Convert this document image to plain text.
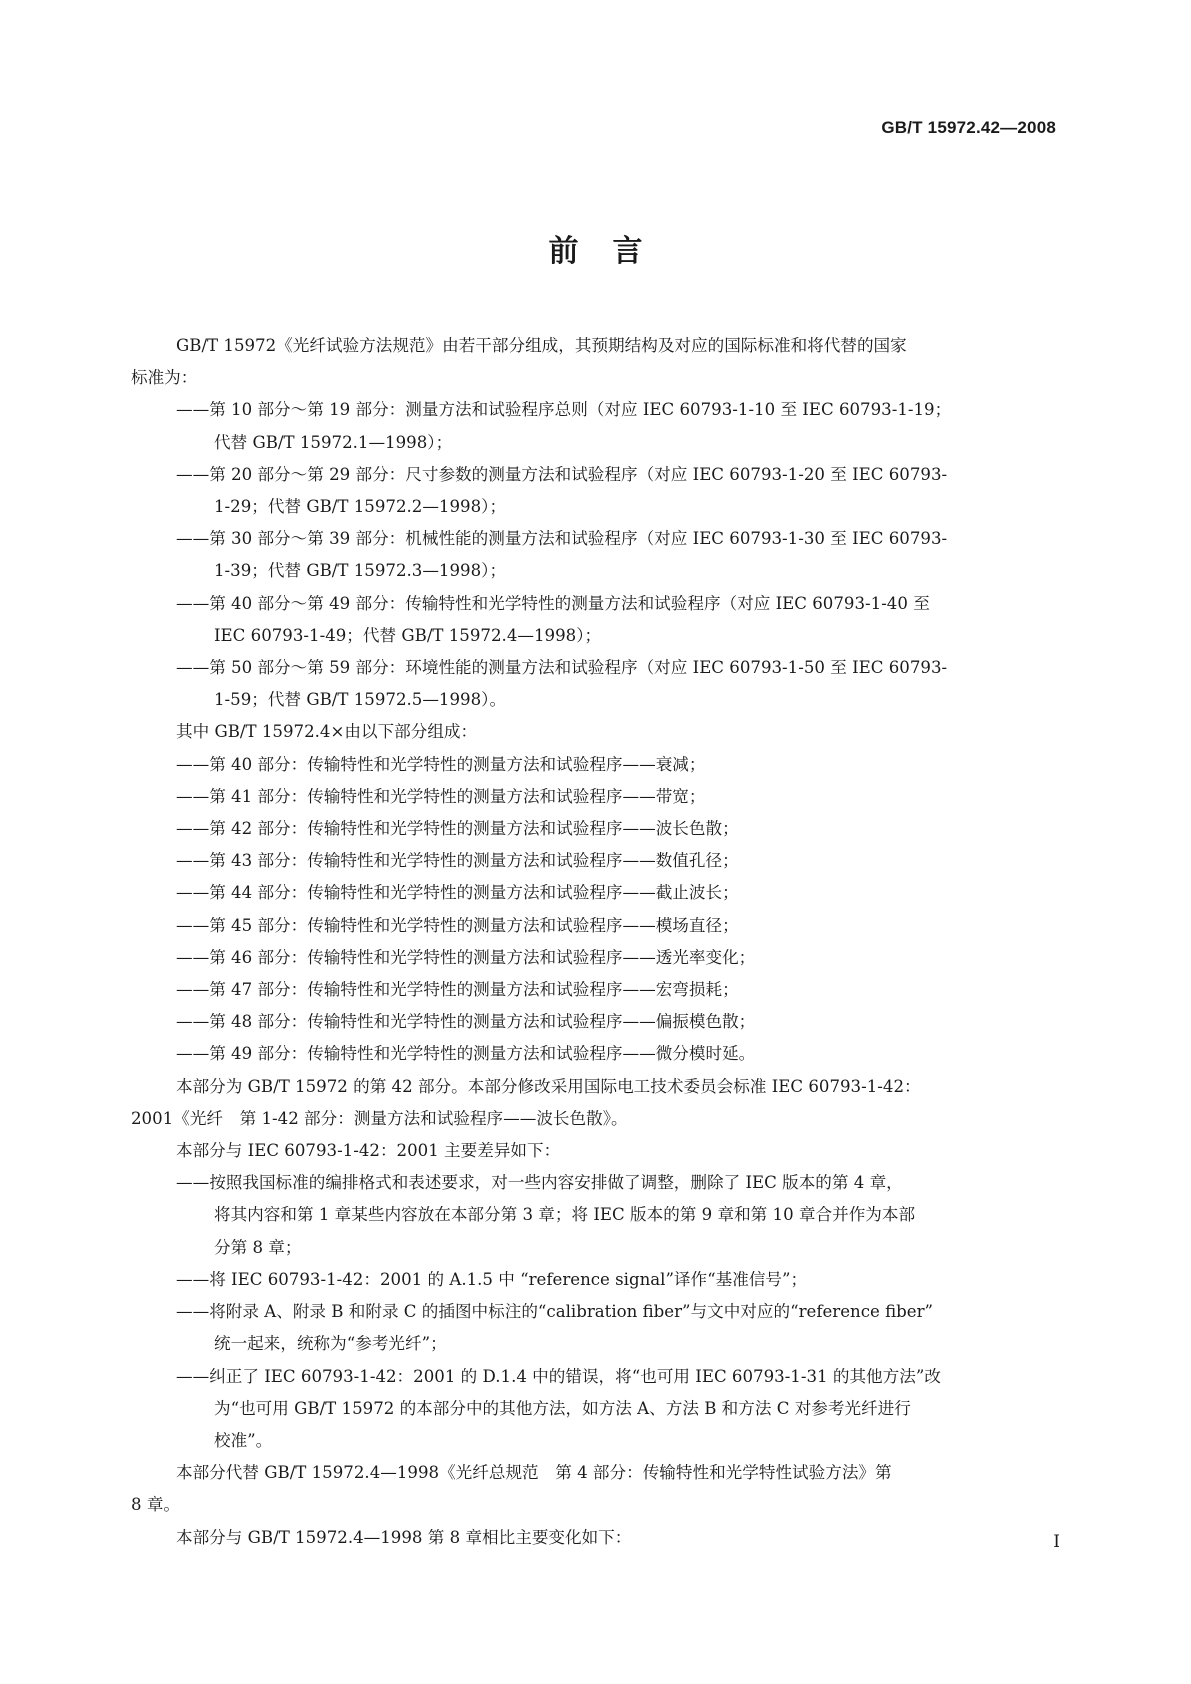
GB/T 15972.42—2008
前言
GB/T 15972《光纤试验方法规范》由若干部分组成，其预期结构及对应的国际标准和将代替的国家
标准为：
——第 10 部分～第 19 部分：测量方法和试验程序总则（对应 IEC 60793-1-10 至 IEC 60793-1-19；
代替 GB/T 15972.1—1998）；
——第 20 部分～第 29 部分：尺寸参数的测量方法和试验程序（对应 IEC 60793-1-20 至 IEC 60793-
1-29；代替 GB/T 15972.2—1998）；
——第 30 部分～第 39 部分：机械性能的测量方法和试验程序（对应 IEC 60793-1-30 至 IEC 60793-
1-39；代替 GB/T 15972.3—1998）；
——第 40 部分～第 49 部分：传输特性和光学特性的测量方法和试验程序（对应 IEC 60793-1-40 至
IEC 60793-1-49；代替 GB/T 15972.4—1998）；
——第 50 部分～第 59 部分：环境性能的测量方法和试验程序（对应 IEC 60793-1-50 至 IEC 60793-
1-59；代替 GB/T 15972.5—1998）。
其中 GB/T 15972.4×由以下部分组成：
——第 40 部分：传输特性和光学特性的测量方法和试验程序——衰减；
——第 41 部分：传输特性和光学特性的测量方法和试验程序——带宽；
——第 42 部分：传输特性和光学特性的测量方法和试验程序——波长色散；
——第 43 部分：传输特性和光学特性的测量方法和试验程序——数值孔径；
——第 44 部分：传输特性和光学特性的测量方法和试验程序——截止波长；
——第 45 部分：传输特性和光学特性的测量方法和试验程序——模场直径；
——第 46 部分：传输特性和光学特性的测量方法和试验程序——透光率变化；
——第 47 部分：传输特性和光学特性的测量方法和试验程序——宏弯损耗；
——第 48 部分：传输特性和光学特性的测量方法和试验程序——偏振模色散；
——第 49 部分：传输特性和光学特性的测量方法和试验程序——微分模时延。
本部分为 GB/T 15972 的第 42 部分。本部分修改采用国际电工技术委员会标准 IEC 60793-1-42：
2001《光纤　第 1-42 部分：测量方法和试验程序——波长色散》。
本部分与 IEC 60793-1-42：2001 主要差异如下：
——按照我国标准的编排格式和表述要求，对一些内容安排做了调整，删除了 IEC 版本的第 4 章，
将其内容和第 1 章某些内容放在本部分第 3 章；将 IEC 版本的第 9 章和第 10 章合并作为本部
分第 8 章；
——将 IEC 60793-1-42：2001 的 A.1.5 中 “reference signal”译作“基准信号”；
——将附录 A、附录 B 和附录 C 的插图中标注的“calibration fiber”与文中对应的“reference fiber”
统一起来，统称为“参考光纤”；
——纠正了 IEC 60793-1-42：2001 的 D.1.4 中的错误，将“也可用 IEC 60793-1-31 的其他方法”改
为“也可用 GB/T 15972 的本部分中的其他方法，如方法 A、方法 B 和方法 C 对参考光纤进行
校准”。
本部分代替 GB/T 15972.4—1998《光纤总规范　第 4 部分：传输特性和光学特性试验方法》第
8 章。
本部分与 GB/T 15972.4—1998 第 8 章相比主要变化如下：	Ⅰ
